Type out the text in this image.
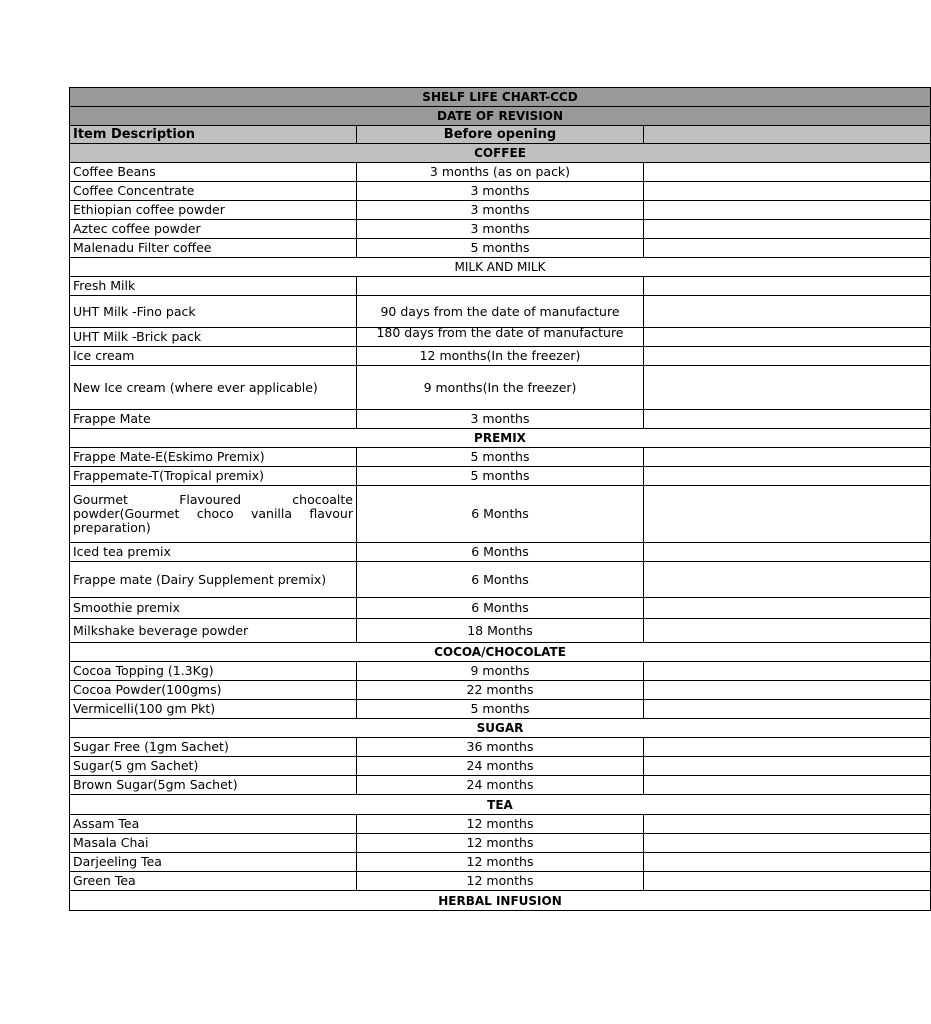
SHELF LIFE CHART-CCD		
DATE OF REVISION		
Item Description	Before opening	
COFFEE		
Coffee Beans	3 months (as on pack)	
Coffee Concentrate	3 months	
Ethiopian coffee powder	3 months	
Aztec coffee powder	3 months	
Malenadu Filter coffee	5 months	
MILK AND MILK		
Fresh Milk		
UHT Milk -Fino pack	90 days from the date of manufacture	
UHT Milk -Brick pack	180 days from the date of manufacture	

Ice cream	12 months(In the freezer)	
New Ice cream (where ever applicable)	9 months(In the freezer)	
Frappe Mate	3 months	
PREMIX		
Frappe Mate-E(Eskimo Premix)	5 months	
Frappemate-T(Tropical premix)	5 months	
Gourmet Flavoured chocoalte powder(Gourmet choco vanilla flavour preparation)	6 Months	
Iced tea premix	6 Months	
Frappe mate (Dairy Supplement premix)	6 Months	
Smoothie premix	6 Months	
Milkshake beverage powder	18 Months	
COCOA/CHOCOLATE		
Cocoa Topping (1.3Kg)	9 months	
Cocoa Powder(100gms)	22 months	
Vermicelli(100 gm Pkt)	5 months	
SUGAR		
Sugar Free (1gm Sachet)	36 months	
Sugar(5 gm Sachet)	24 months	
Brown Sugar(5gm Sachet)	24 months	
TEA		
Assam Tea	12 months	
Masala Chai	12 months	
Darjeeling Tea	12 months	
Green Tea	12 months	
HERBAL INFUSION		
